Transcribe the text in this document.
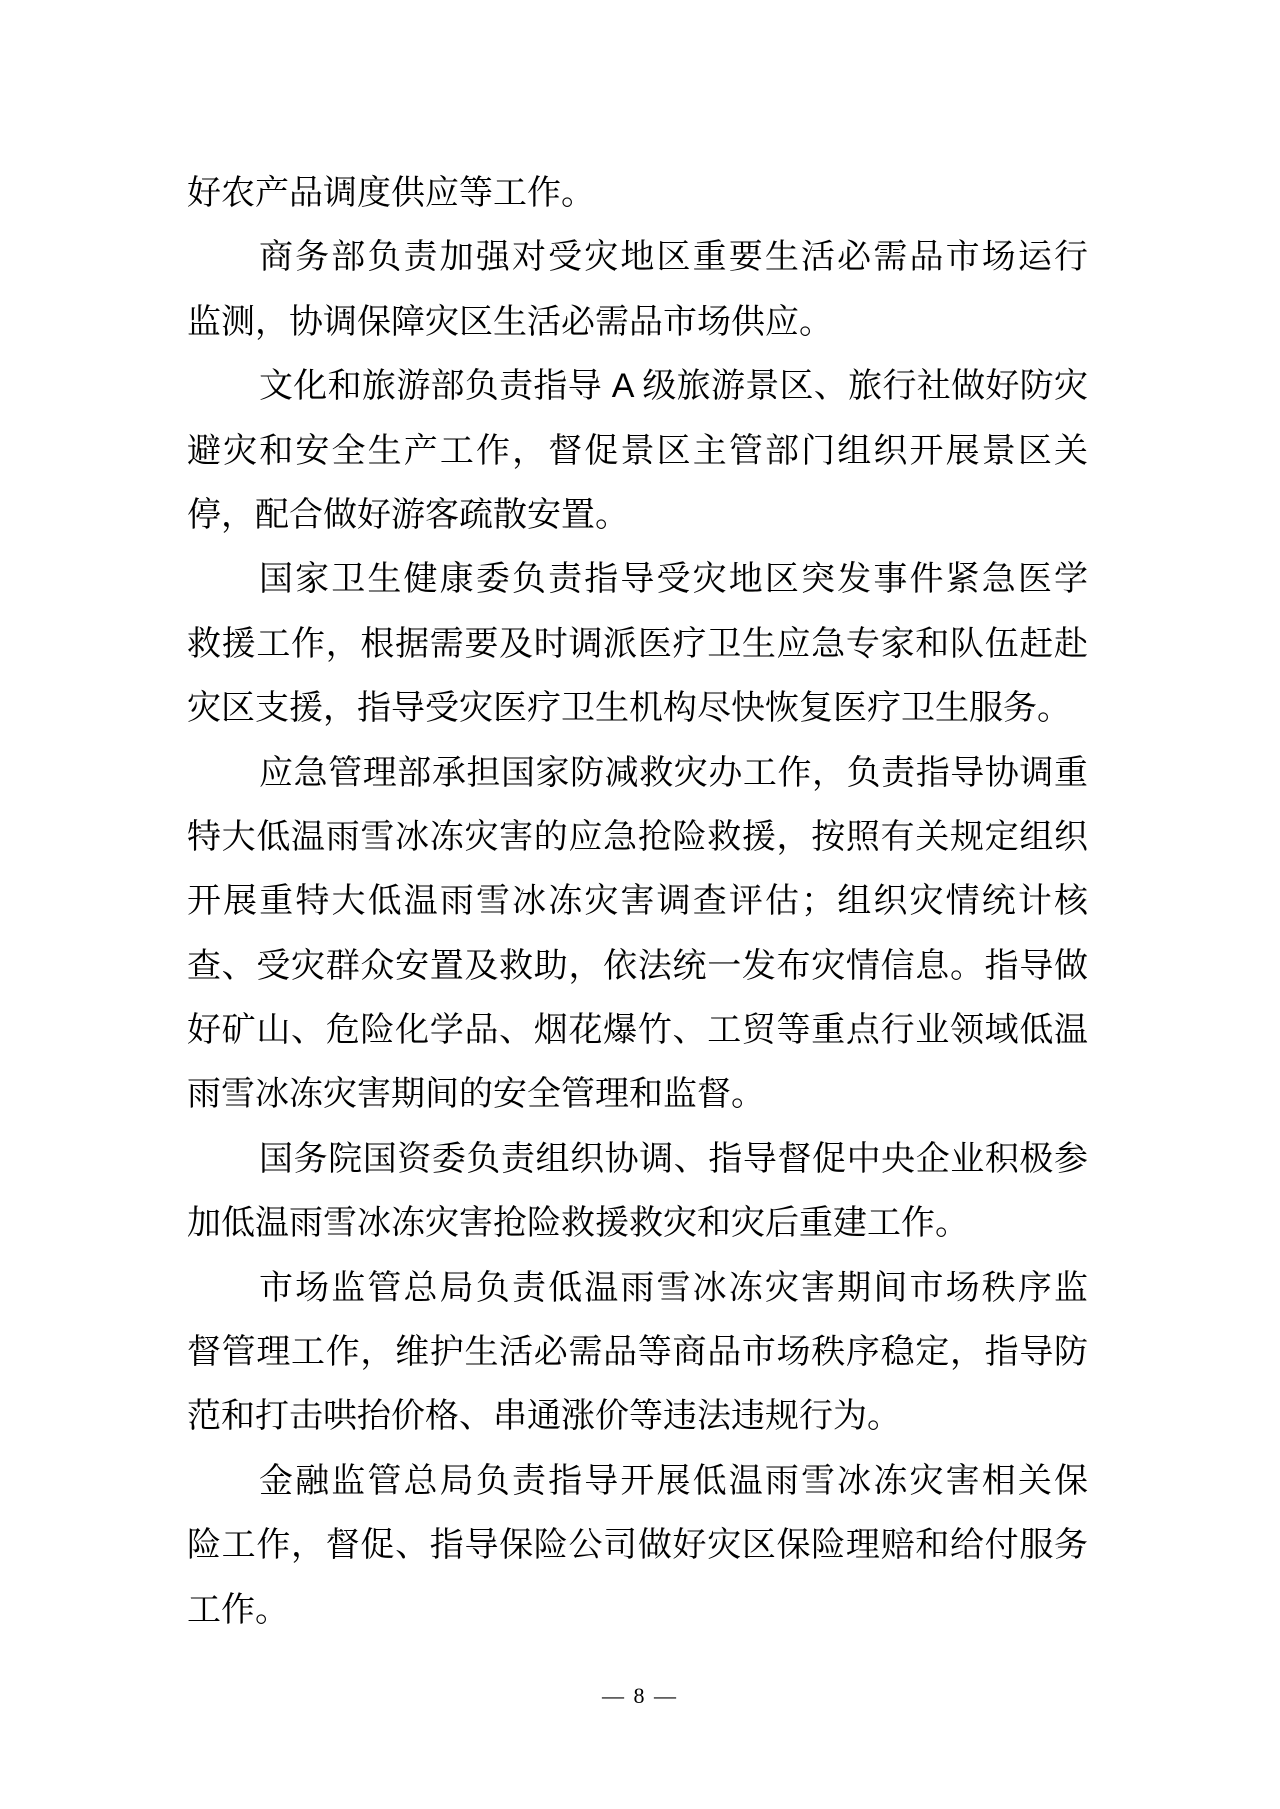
好农产品调度供应等工作。
商务部负责加强对受灾地区重要生活必需品市场运行
监测，协调保障灾区生活必需品市场供应。
文化和旅游部负责指导 A 级旅游景区、旅行社做好防灾
避灾和安全生产工作，督促景区主管部门组织开展景区关
停，配合做好游客疏散安置。
国家卫生健康委负责指导受灾地区突发事件紧急医学
救援工作，根据需要及时调派医疗卫生应急专家和队伍赶赴
灾区支援，指导受灾医疗卫生机构尽快恢复医疗卫生服务。
应急管理部承担国家防减救灾办工作，负责指导协调重
特大低温雨雪冰冻灾害的应急抢险救援，按照有关规定组织
开展重特大低温雨雪冰冻灾害调查评估；组织灾情统计核
查、受灾群众安置及救助，依法统一发布灾情信息。指导做
好矿山、危险化学品、烟花爆竹、工贸等重点行业领域低温
雨雪冰冻灾害期间的安全管理和监督。
国务院国资委负责组织协调、指导督促中央企业积极参
加低温雨雪冰冻灾害抢险救援救灾和灾后重建工作。
市场监管总局负责低温雨雪冰冻灾害期间市场秩序监
督管理工作，维护生活必需品等商品市场秩序稳定，指导防
范和打击哄抬价格、串通涨价等违法违规行为。
金融监管总局负责指导开展低温雨雪冰冻灾害相关保
险工作，督促、指导保险公司做好灾区保险理赔和给付服务
工作。
— 8 —
